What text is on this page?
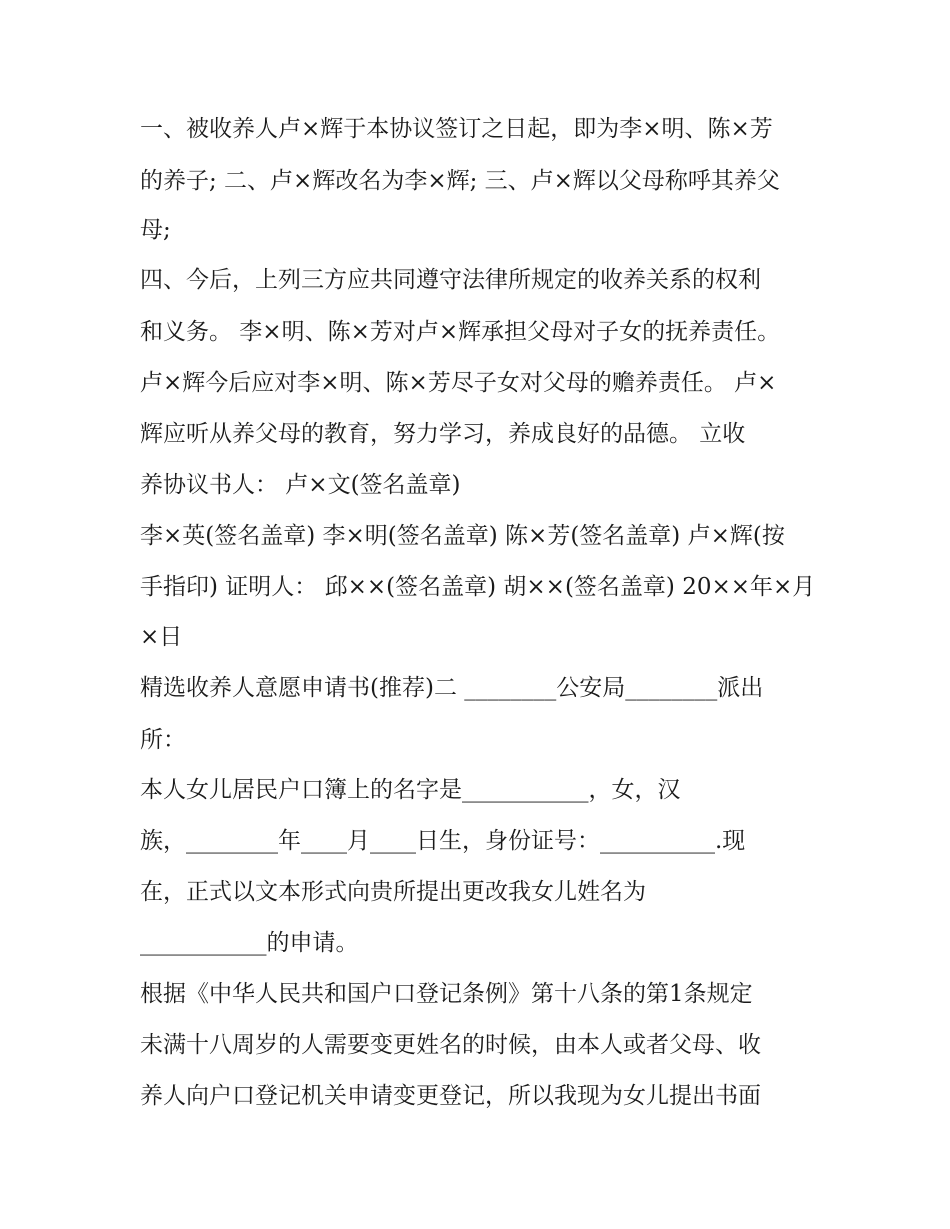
一、被收养人卢×辉于本协议签订之日起，即为李×明、陈×芳
的养子; 二、卢×辉改名为李×辉; 三、卢×辉以父母称呼其养父
母;
四、今后，上列三方应共同遵守法律所规定的收养关系的权利
和义务。 李×明、陈×芳对卢×辉承担父母对子女的抚养责任。
卢×辉今后应对李×明、陈×芳尽子女对父母的赡养责任。 卢×
辉应听从养父母的教育，努力学习，养成良好的品德。 立收
养协议书人： 卢×文(签名盖章)
李×英(签名盖章) 李×明(签名盖章) 陈×芳(签名盖章) 卢×辉(按
手指印) 证明人： 邱××(签名盖章) 胡××(签名盖章) 20××年×月
×日
精选收养人意愿申请书(推荐)二 ________公安局________派出
所：
本人女儿居民户口簿上的名字是___________，女，汉
族，________年____月____日生，身份证号：__________.现
在，正式以文本形式向贵所提出更改我女儿姓名为
___________的申请。
根据《中华人民共和国户口登记条例》第十八条的第1条规定
未满十八周岁的人需要变更姓名的时候，由本人或者父母、收
养人向户口登记机关申请变更登记，所以我现为女儿提出书面
